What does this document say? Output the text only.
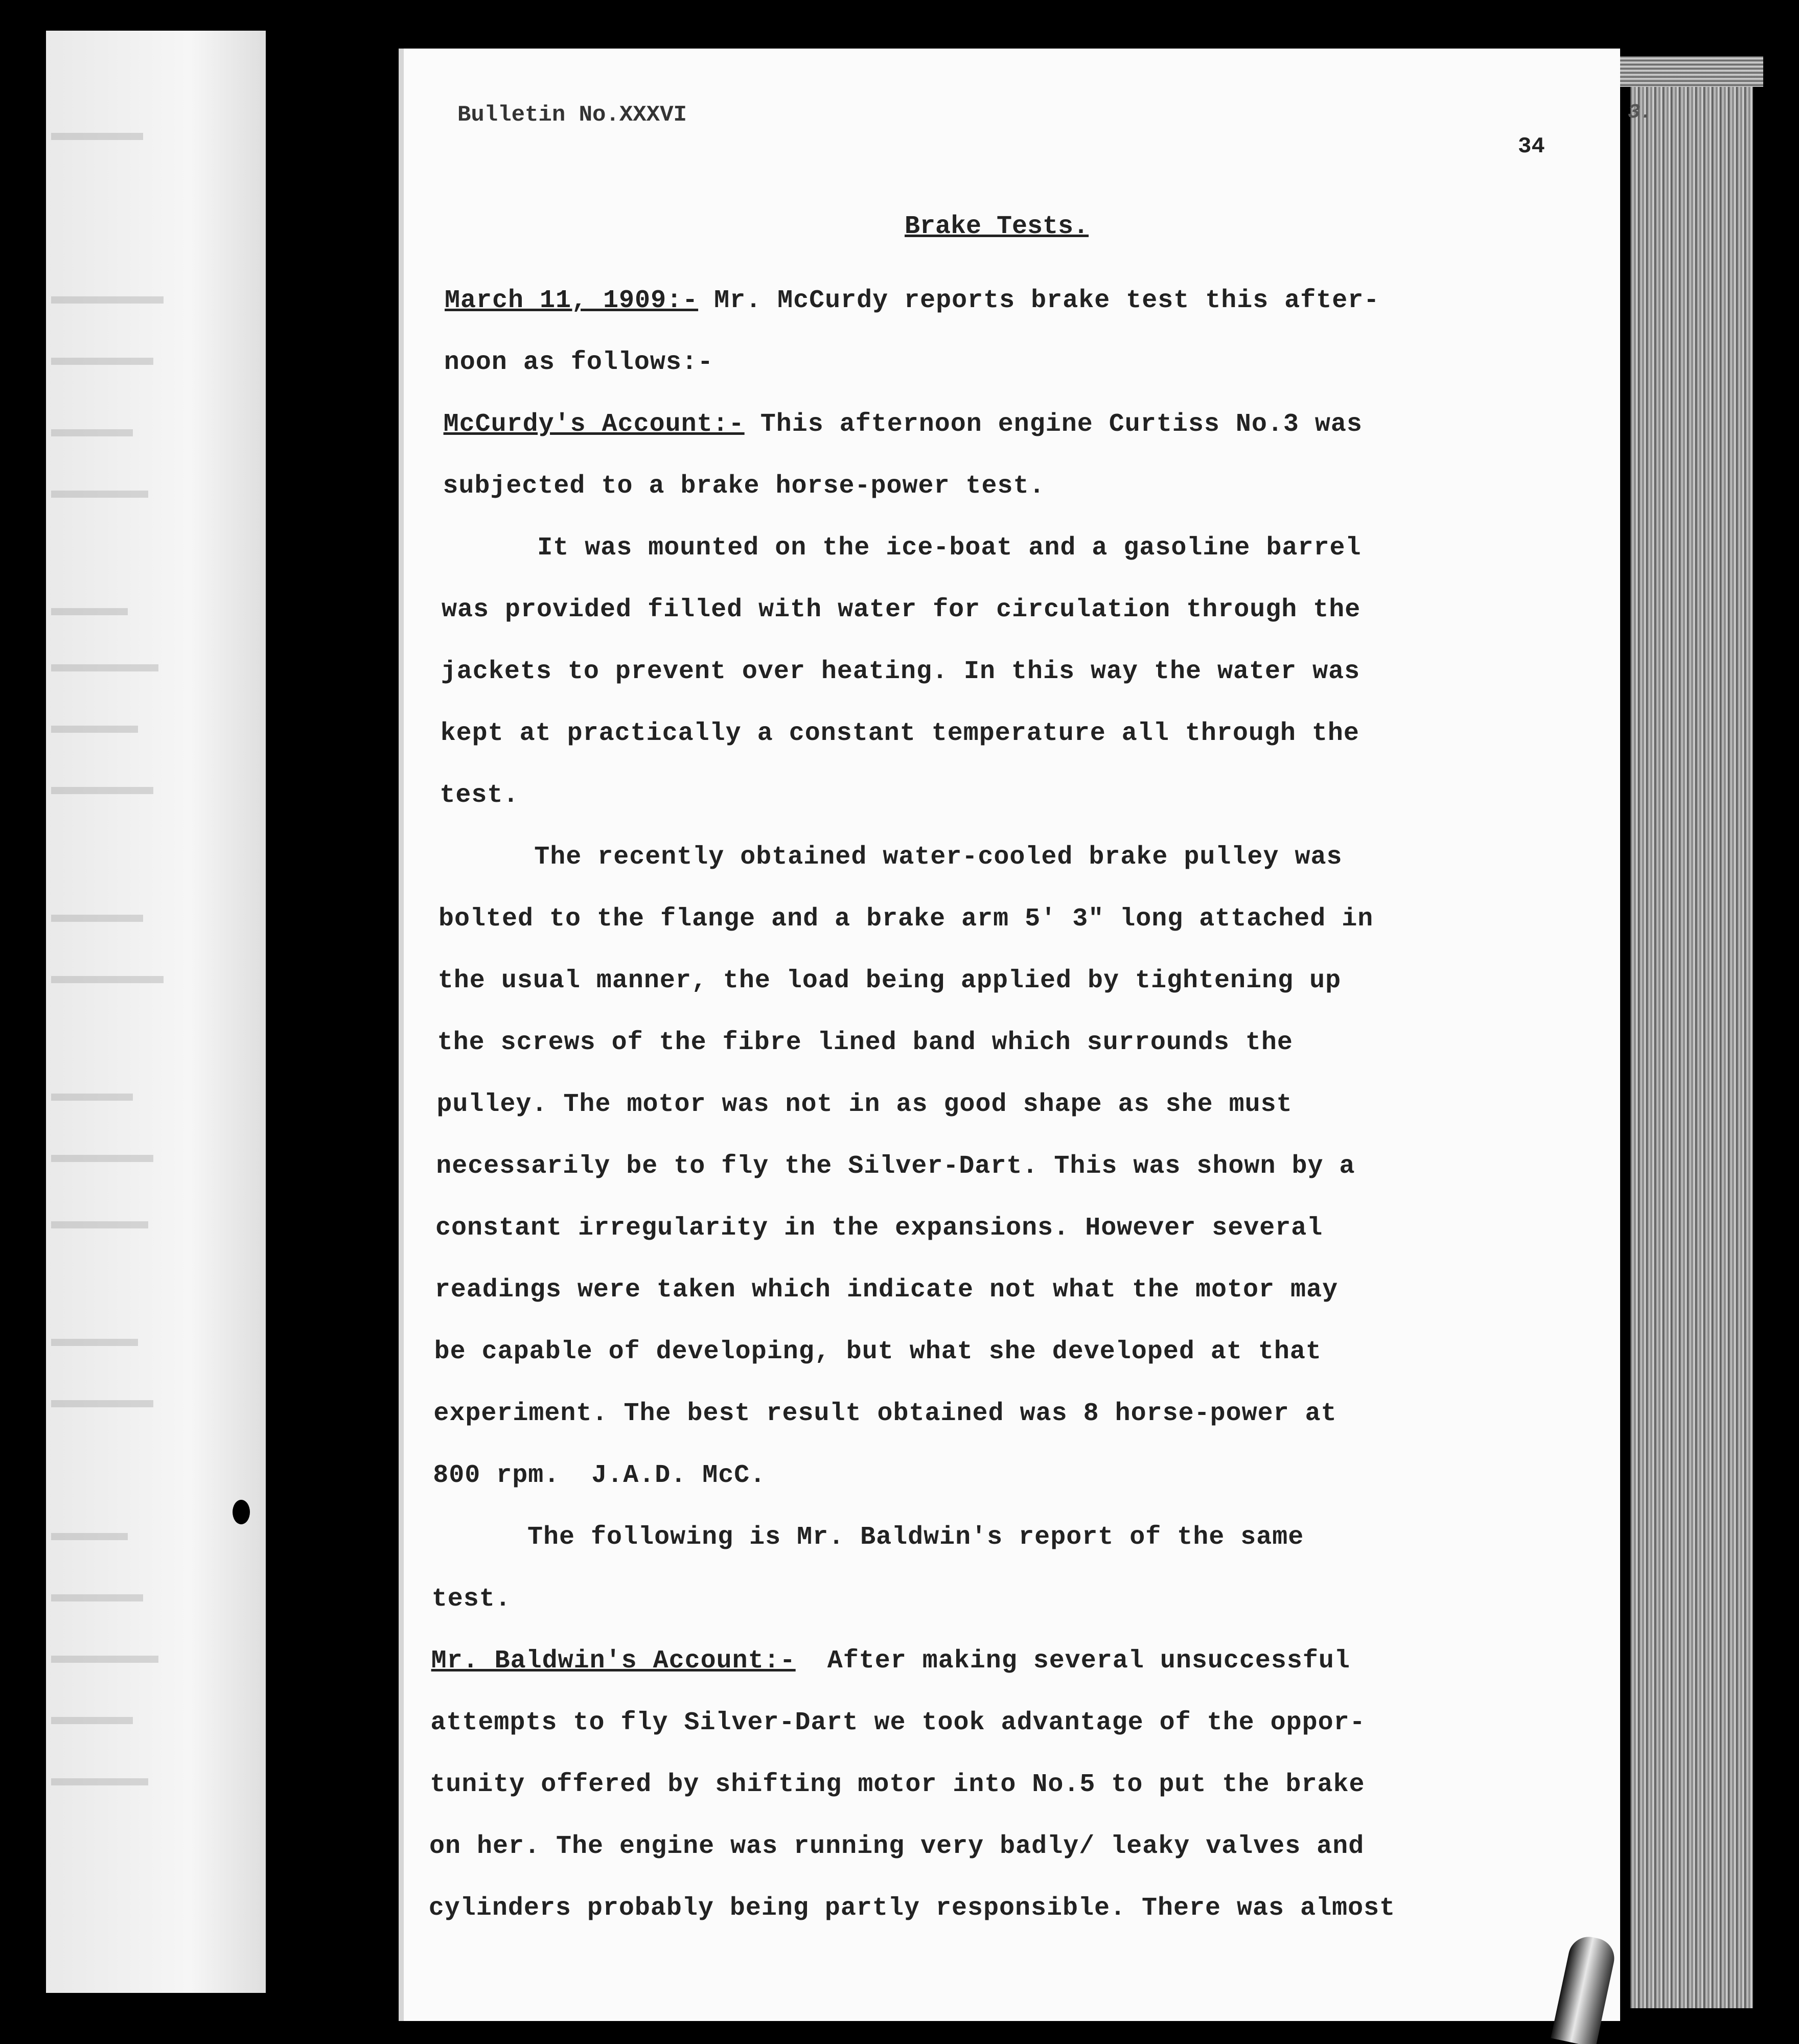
Bulletin No.XXXVI

34

3.

Brake Tests.

March 11, 1909:- Mr. McCurdy reports brake test this after-

noon as follows:-

McCurdy's Account:- This afternoon engine Curtiss No.3 was

subjected to a brake horse-power test.

It was mounted on the ice-boat and a gasoline barrel

was provided filled with water for circulation through the

jackets to prevent over heating. In this way the water was

kept at practically a constant temperature all through the

test.

The recently obtained water-cooled brake pulley was

bolted to the flange and a brake arm 5' 3" long attached in

the usual manner, the load being applied by tightening up

the screws of the fibre lined band which surrounds the

pulley. The motor was not in as good shape as she must

necessarily be to fly the Silver-Dart. This was shown by a

constant irregularity in the expansions. However several

readings were taken which indicate not what the motor may

be capable of developing, but what she developed at that

experiment. The best result obtained was 8 horse-power at

800 rpm.  J.A.D. McC.

The following is Mr. Baldwin's report of the same

test.

Mr. Baldwin's Account:-  After making several unsuccessful

attempts to fly Silver-Dart we took advantage of the oppor-

tunity offered by shifting motor into No.5 to put the brake

on her. The engine was running very badly/ leaky valves and

cylinders probably being partly responsible. There was almost
